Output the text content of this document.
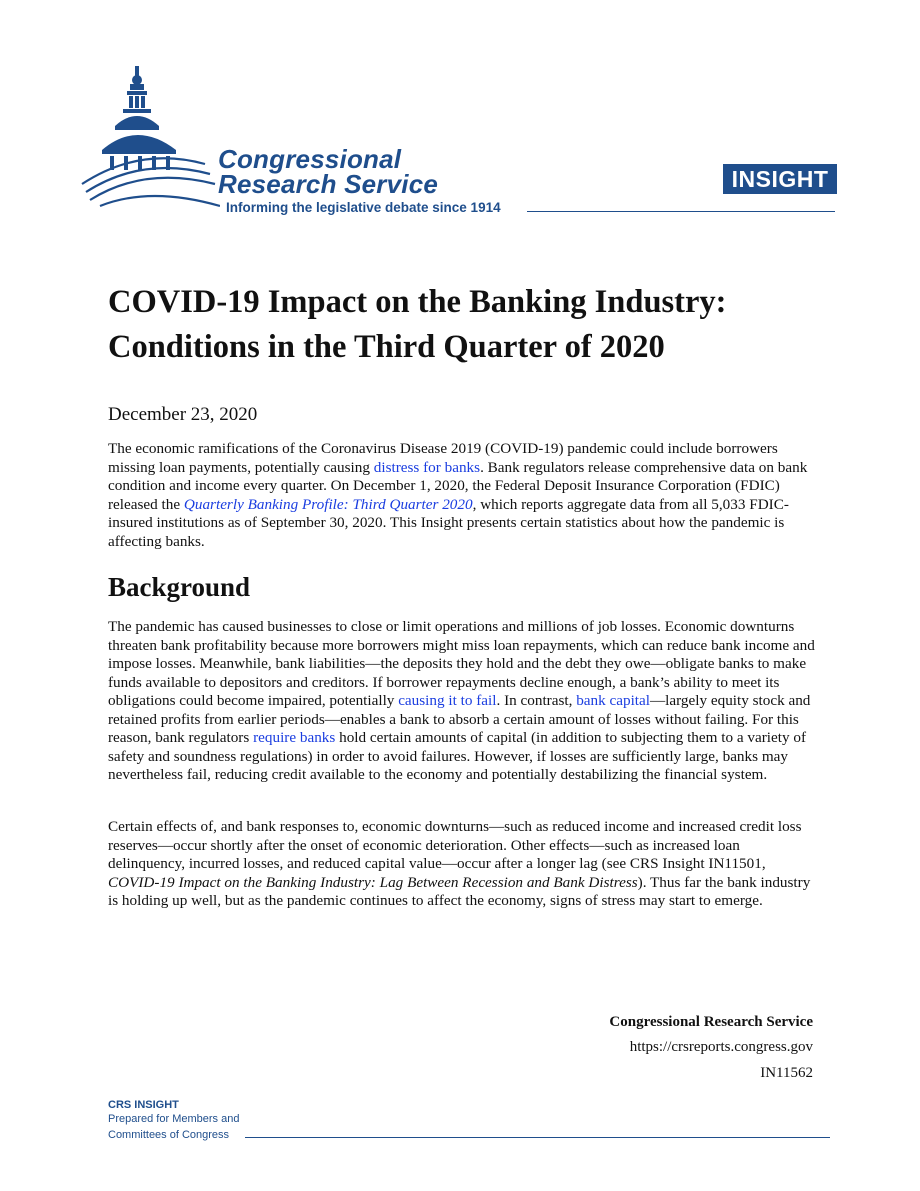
Congressional
Research Service
Informing the legislative debate since 1914
INSIGHT
COVID-19 Impact on the Banking Industry:
Conditions in the Third Quarter of 2020

December 23, 2020

The economic ramifications of the Coronavirus Disease 2019 (COVID-19) pandemic could include borrowers missing loan payments, potentially causing distress for banks. Bank regulators release comprehensive data on bank condition and income every quarter. On December 1, 2020, the Federal Deposit Insurance Corporation (FDIC) released the Quarterly Banking Profile: Third Quarter 2020, which reports aggregate data from all 5,033 FDIC-insured institutions as of September 30, 2020. This Insight presents certain statistics about how the pandemic is affecting banks.

Background

The pandemic has caused businesses to close or limit operations and millions of job losses. Economic downturns threaten bank profitability because more borrowers might miss loan repayments, which can reduce bank income and impose losses. Meanwhile, bank liabilities—the deposits they hold and the debt they owe—obligate banks to make funds available to depositors and creditors. If borrower repayments decline enough, a bank’s ability to meet its obligations could become impaired, potentially causing it to fail. In contrast, bank capital—largely equity stock and retained profits from earlier periods—enables a bank to absorb a certain amount of losses without failing. For this reason, bank regulators require banks hold certain amounts of capital (in addition to subjecting them to a variety of safety and soundness regulations) in order to avoid failures. However, if losses are sufficiently large, banks may nevertheless fail, reducing credit available to the economy and potentially destabilizing the financial system.

Certain effects of, and bank responses to, economic downturns—such as reduced income and increased credit loss reserves—occur shortly after the onset of economic deterioration. Other effects—such as increased loan delinquency, incurred losses, and reduced capital value—occur after a longer lag (see CRS Insight IN11501, COVID-19 Impact on the Banking Industry: Lag Between Recession and Bank Distress). Thus far the bank industry is holding up well, but as the pandemic continues to affect the economy, signs of stress may start to emerge.

Congressional Research Service
https://crsreports.congress.gov
IN11562
CRS INSIGHT
Prepared for Members and
Committees of Congress
